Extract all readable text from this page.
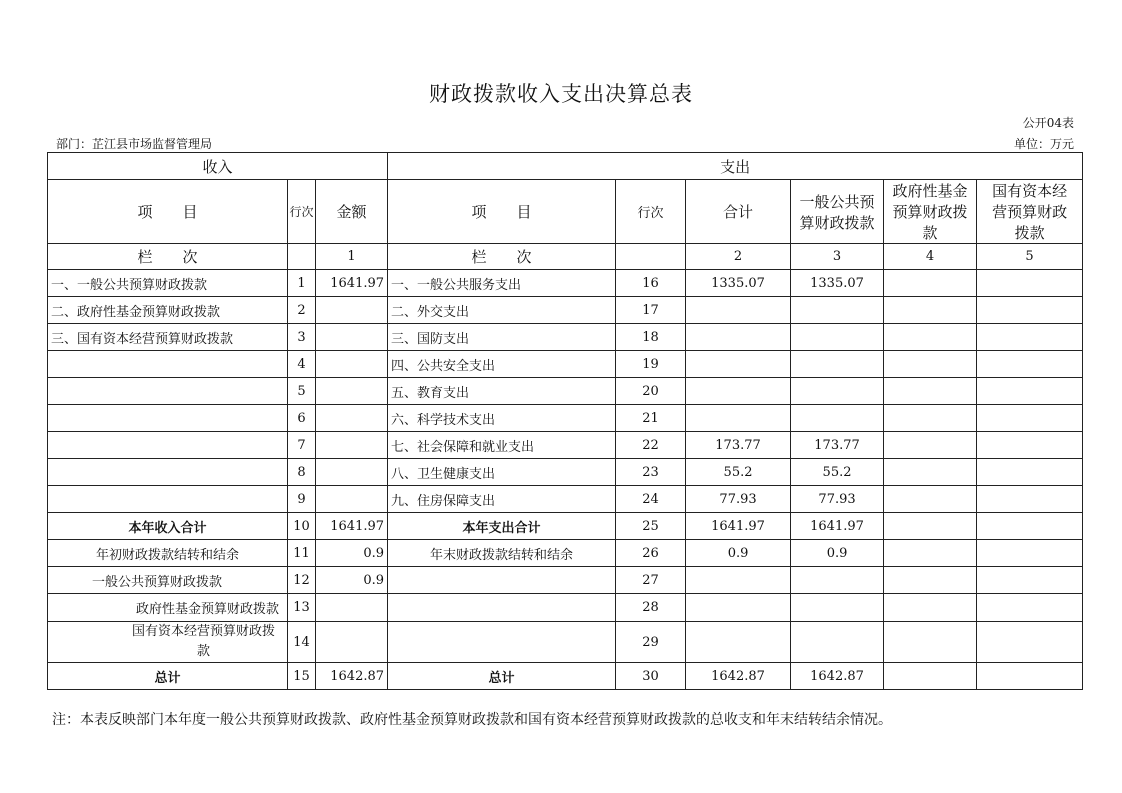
财政拨款收入支出决算总表
公开04表
部门：芷江县市场监督管理局	单位：万元
收入			支出					
项　　目	行次	金额	项　　目	行次	合计	一般公共预算财政拨款	政府性基金预算财政拨款	国有资本经营预算财政拨款
栏　　次		1	栏　　次		2	3	4	5
一、一般公共预算财政拨款	1	1641.97	一、一般公共服务支出	16	1335.07	1335.07		
二、政府性基金预算财政拨款	2		二、外交支出	17				
三、国有资本经营预算财政拨款	3		三、国防支出	18				
	4		四、公共安全支出	19				
	5		五、教育支出	20				
	6		六、科学技术支出	21				
	7		七、社会保障和就业支出	22	173.77	173.77		
	8		八、卫生健康支出	23	55.2	55.2		
	9		九、住房保障支出	24	77.93	77.93		
本年收入合计	10	1641.97	本年支出合计	25	1641.97	1641.97		
年初财政拨款结转和结余	11	0.9	年末财政拨款结转和结余	26	0.9	0.9		
一般公共预算财政拨款	12	0.9		27				
政府性基金预算财政拨款	13			28				
国有资本经营预算财政拨款	14			29				
总计	15	1642.87	总计	30	1642.87	1642.87		
注：本表反映部门本年度一般公共预算财政拨款、政府性基金预算财政拨款和国有资本经营预算财政拨款的总收支和年末结转结余情况。
